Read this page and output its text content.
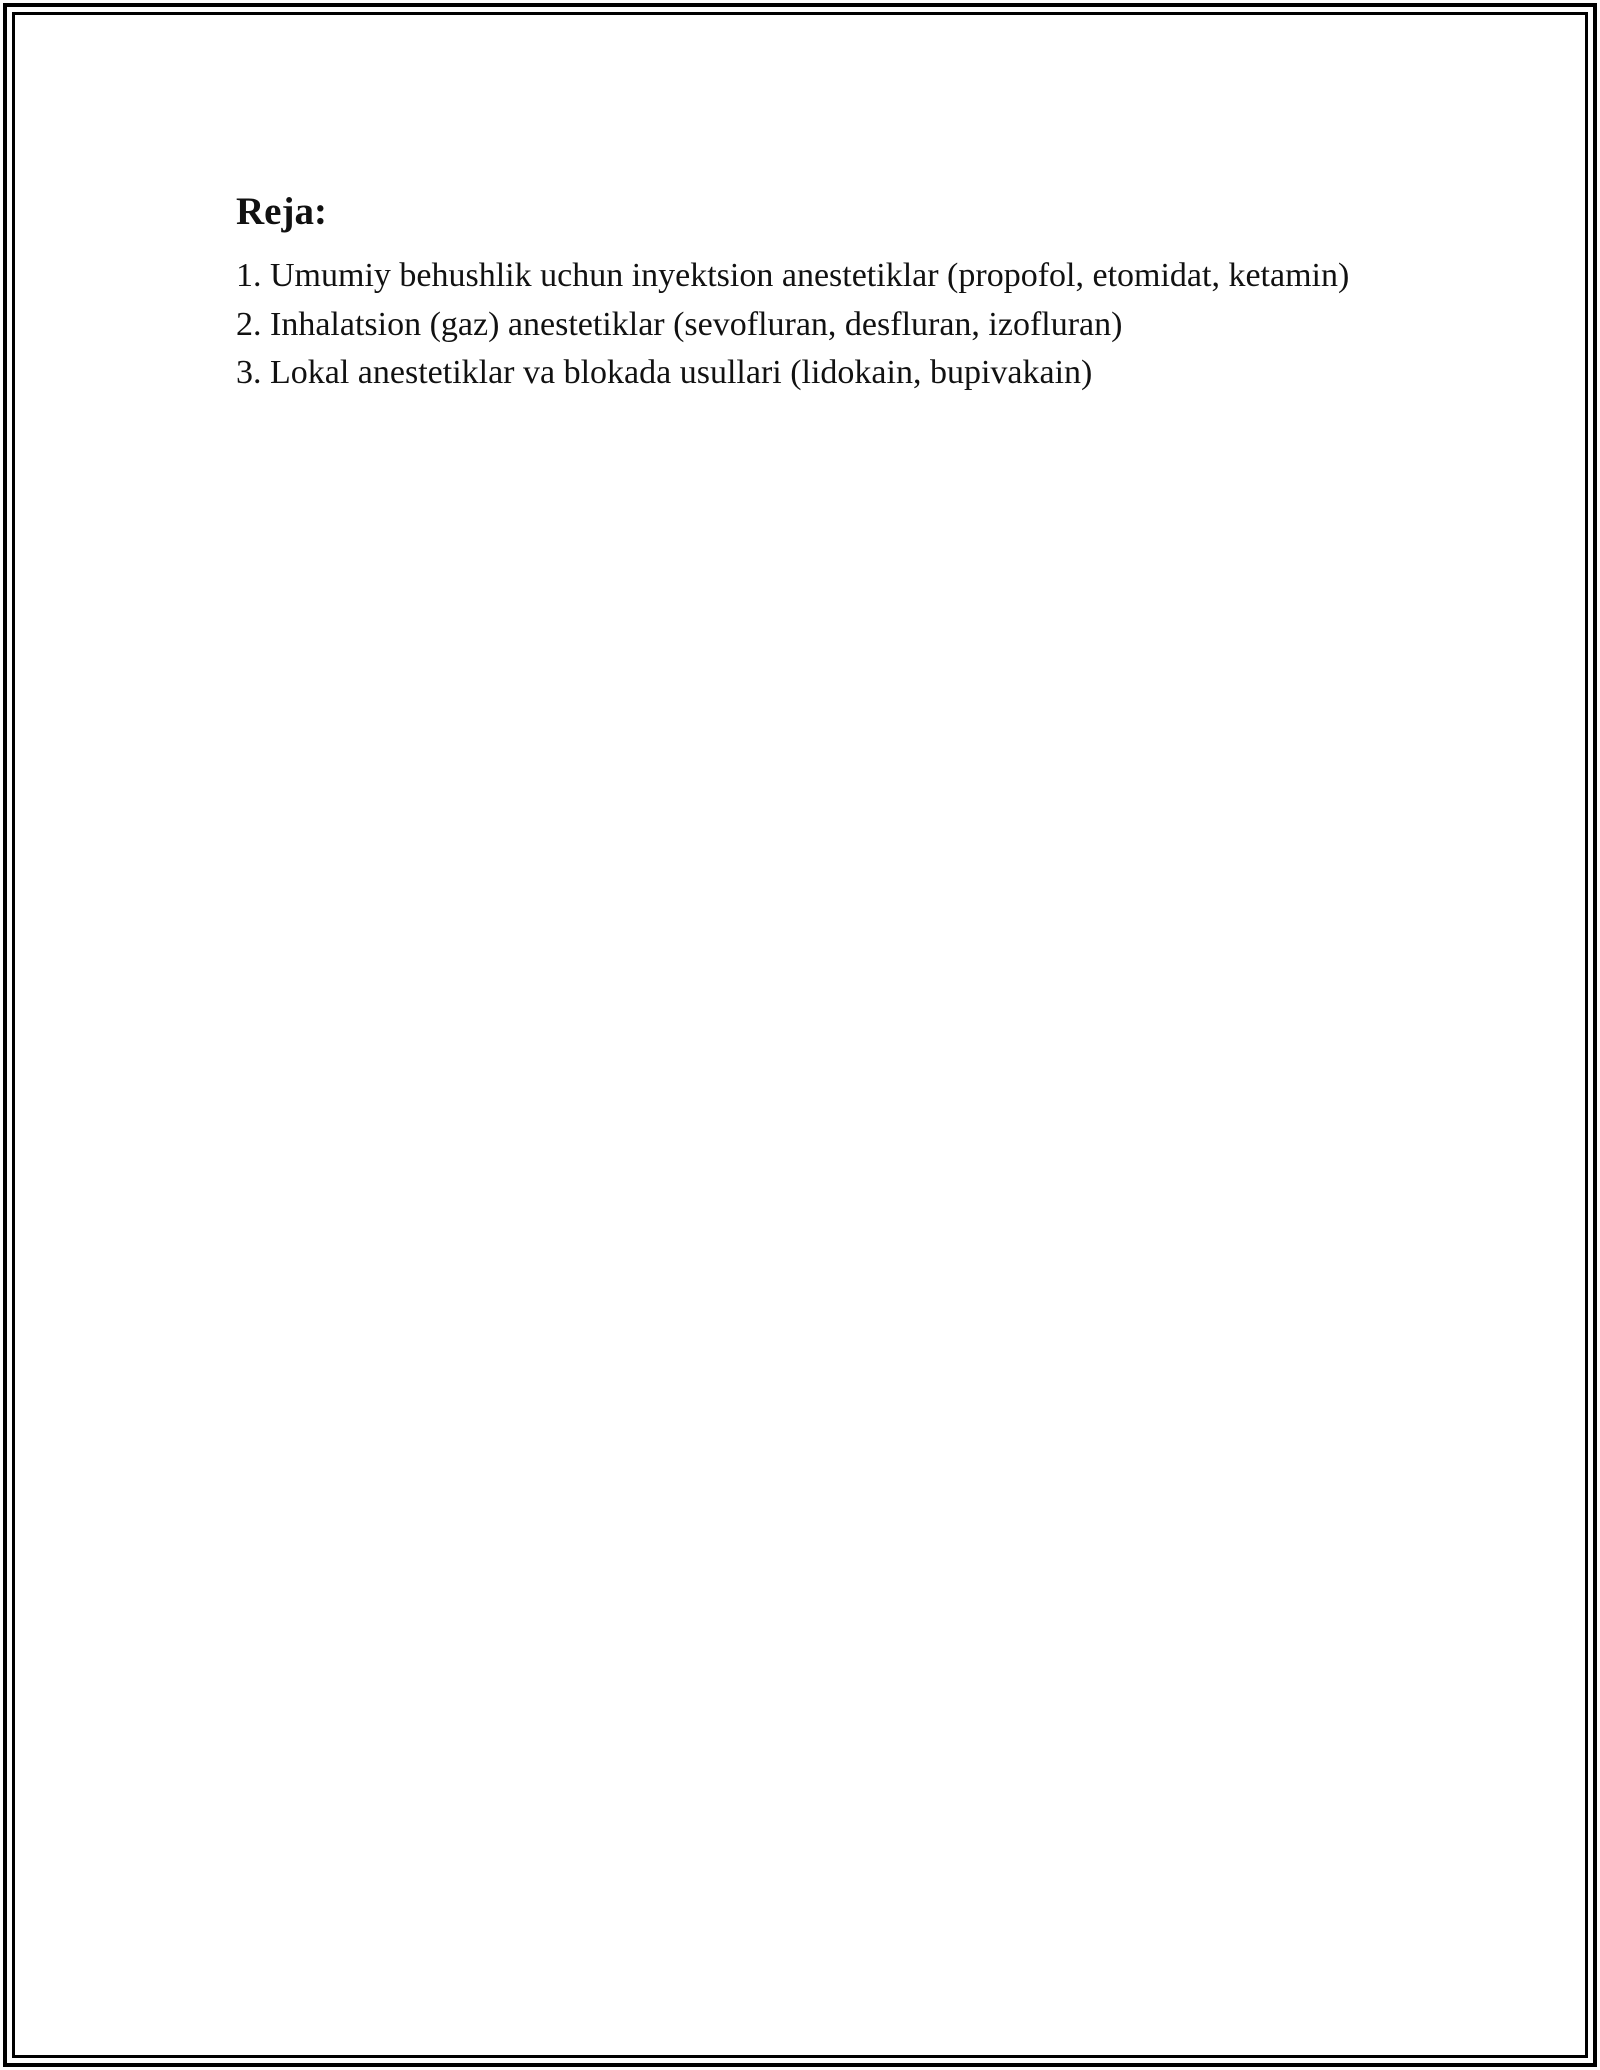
Reja:
1. Umumiy behushlik uchun inyektsion anestetiklar (propofol, etomidat, ketamin)
2. Inhalatsion (gaz) anestetiklar (sevofluran, desfluran, izofluran)
3. Lokal anestetiklar va blokada usullari (lidokain, bupivakain)
